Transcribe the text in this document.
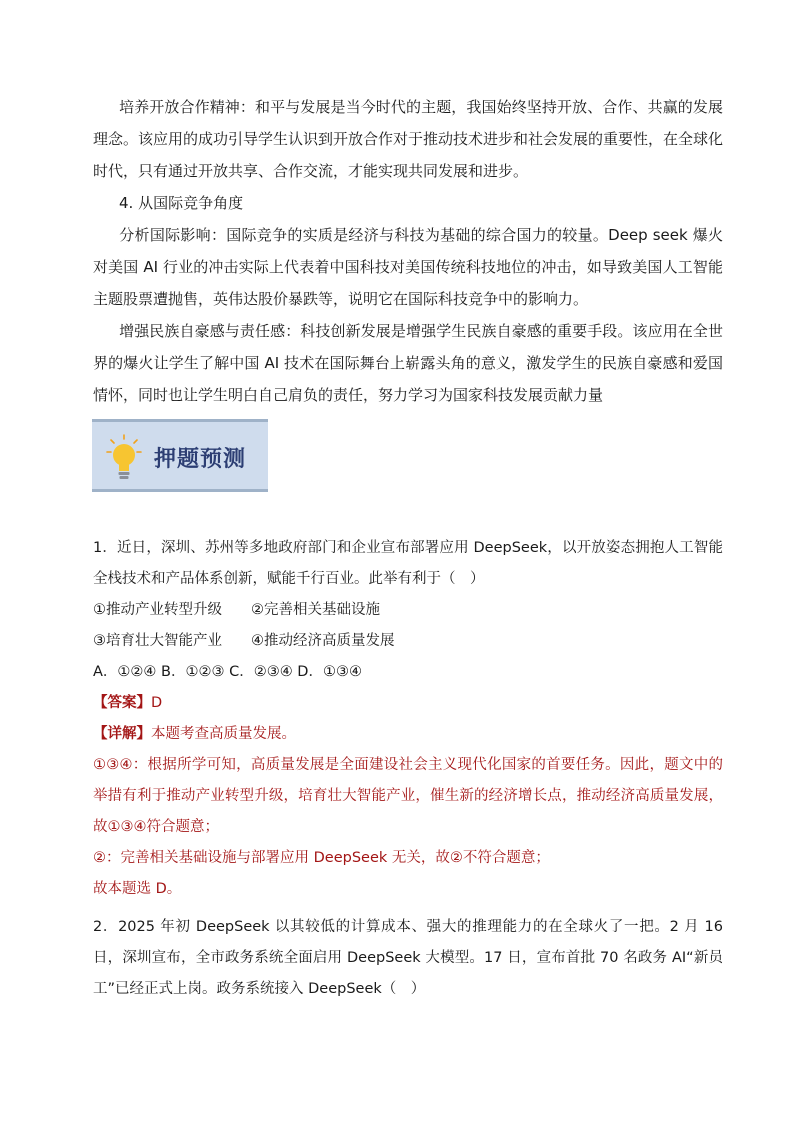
培养开放合作精神：和平与发展是当今时代的主题，我国始终坚持开放、合作、共赢的发展理念。该应用的成功引导学生认识到开放合作对于推动技术进步和社会发展的重要性，在全球化时代，只有通过开放共享、合作交流，才能实现共同发展和进步。

4. 从国际竞争角度

分析国际影响：国际竞争的实质是经济与科技为基础的综合国力的较量。Deep seek 爆火对美国 AI 行业的冲击实际上代表着中国科技对美国传统科技地位的冲击，如导致美国人工智能主题股票遭抛售，英伟达股价暴跌等，说明它在国际科技竞争中的影响力。

增强民族自豪感与责任感：科技创新发展是增强学生民族自豪感的重要手段。该应用在全世界的爆火让学生了解中国 AI 技术在国际舞台上崭露头角的意义，激发学生的民族自豪感和爱国情怀，同时也让学生明白自己肩负的责任，努力学习为国家科技发展贡献力量

押题预测

1．近日，深圳、苏州等多地政府部门和企业宣布部署应用 DeepSeek，以开放姿态拥抱人工智能全栈技术和产品体系创新，赋能千行百业。此举有利于（　）

①推动产业转型升级　　②完善相关基础设施

③培育壮大智能产业　　④推动经济高质量发展

A．①②④ B．①②③ C．②③④ D．①③④

【答案】D

【详解】本题考查高质量发展。

①③④：根据所学可知，高质量发展是全面建设社会主义现代化国家的首要任务。因此，题文中的举措有利于推动产业转型升级，培育壮大智能产业，催生新的经济增长点，推动经济高质量发展，故①③④符合题意；

②：完善相关基础设施与部署应用 DeepSeek 无关，故②不符合题意；

故本题选 D。

2．2025 年初 DeepSeek 以其较低的计算成本、强大的推理能力的在全球火了一把。2 月 16 日，深圳宣布，全市政务系统全面启用 DeepSeek 大模型。17 日，宣布首批 70 名政务 AI“新员工”已经正式上岗。政务系统接入 DeepSeek（　）
